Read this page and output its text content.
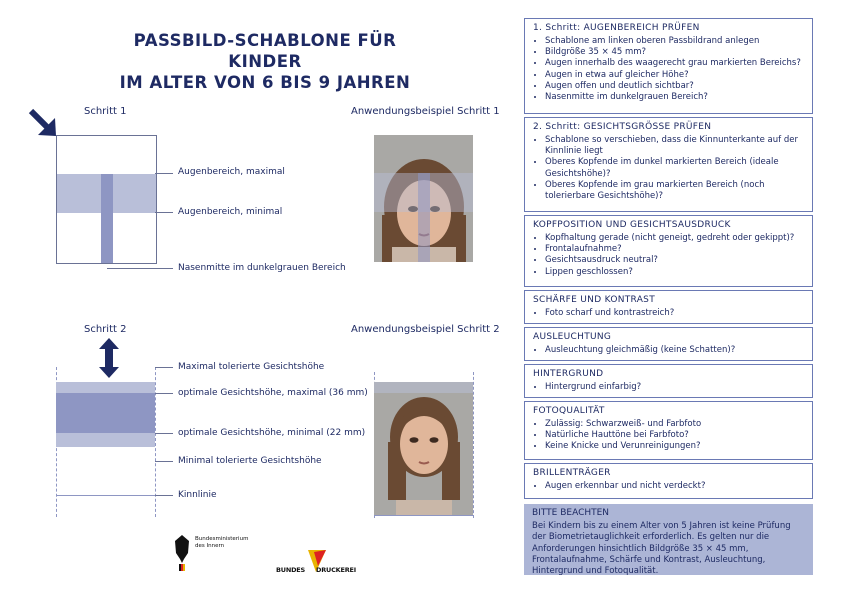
PASSBILD-SCHABLONE FÜR KINDER
IM ALTER VON 6 BIS 9 JAHREN
Schritt 1	Anwendungsbeispiel Schritt 1
Augenbereich, maximal
Augenbereich, minimal
Nasenmitte im dunkelgrauen Bereich
Schritt 2	Anwendungsbeispiel Schritt 2
Maximal tolerierte Gesichtshöhe
optimale Gesichtshöhe, maximal (36 mm)
optimale Gesichtshöhe, minimal (22 mm)
Minimal tolerierte Gesichtshöhe
Kinnlinie
Bundesministerium
des Innern
BUNDES DRUCKEREI
1. Schritt: AUGENBEREICH PRÜFEN
• Schablone am linken oberen Passbildrand anlegen
• Bildgröße 35 × 45 mm?
• Augen innerhalb des waagerecht grau markierten Bereichs?
• Augen in etwa auf gleicher Höhe?
• Augen offen und deutlich sichtbar?
• Nasenmitte im dunkelgrauen Bereich?
2. Schritt: GESICHTSGRÖSSE PRÜFEN
• Schablone so verschieben, dass die Kinnunterkante auf der Kinnlinie liegt
• Oberes Kopfende im dunkel markierten Bereich (ideale Gesichtshöhe)?
• Oberes Kopfende im grau markierten Bereich (noch tolerierbare Gesichtshöhe)?
KOPFPOSITION UND GESICHTSAUSDRUCK
• Kopfhaltung gerade (nicht geneigt, gedreht oder gekippt)?
• Frontalaufnahme?
• Gesichtsausdruck neutral?
• Lippen geschlossen?
SCHÄRFE UND KONTRAST
• Foto scharf und kontrastreich?
AUSLEUCHTUNG
• Ausleuchtung gleichmäßig (keine Schatten)?
HINTERGRUND
• Hintergrund einfarbig?
FOTOQUALITÄT
• Zulässig: Schwarzweiß- und Farbfoto
• Natürliche Hauttöne bei Farbfoto?
• Keine Knicke und Verunreinigungen?
BRILLENTRÄGER
• Augen erkennbar und nicht verdeckt?
BITTE BEACHTEN

Bei Kindern bis zu einem Alter von 5 Jahren ist keine Prüfung der Biometrietauglichkeit erforderlich. Es gelten nur die Anforderungen hinsichtlich Bildgröße 35 × 45 mm, Frontalaufnahme, Schärfe und Kontrast, Ausleuchtung, Hintergrund und Fotoqualität.
